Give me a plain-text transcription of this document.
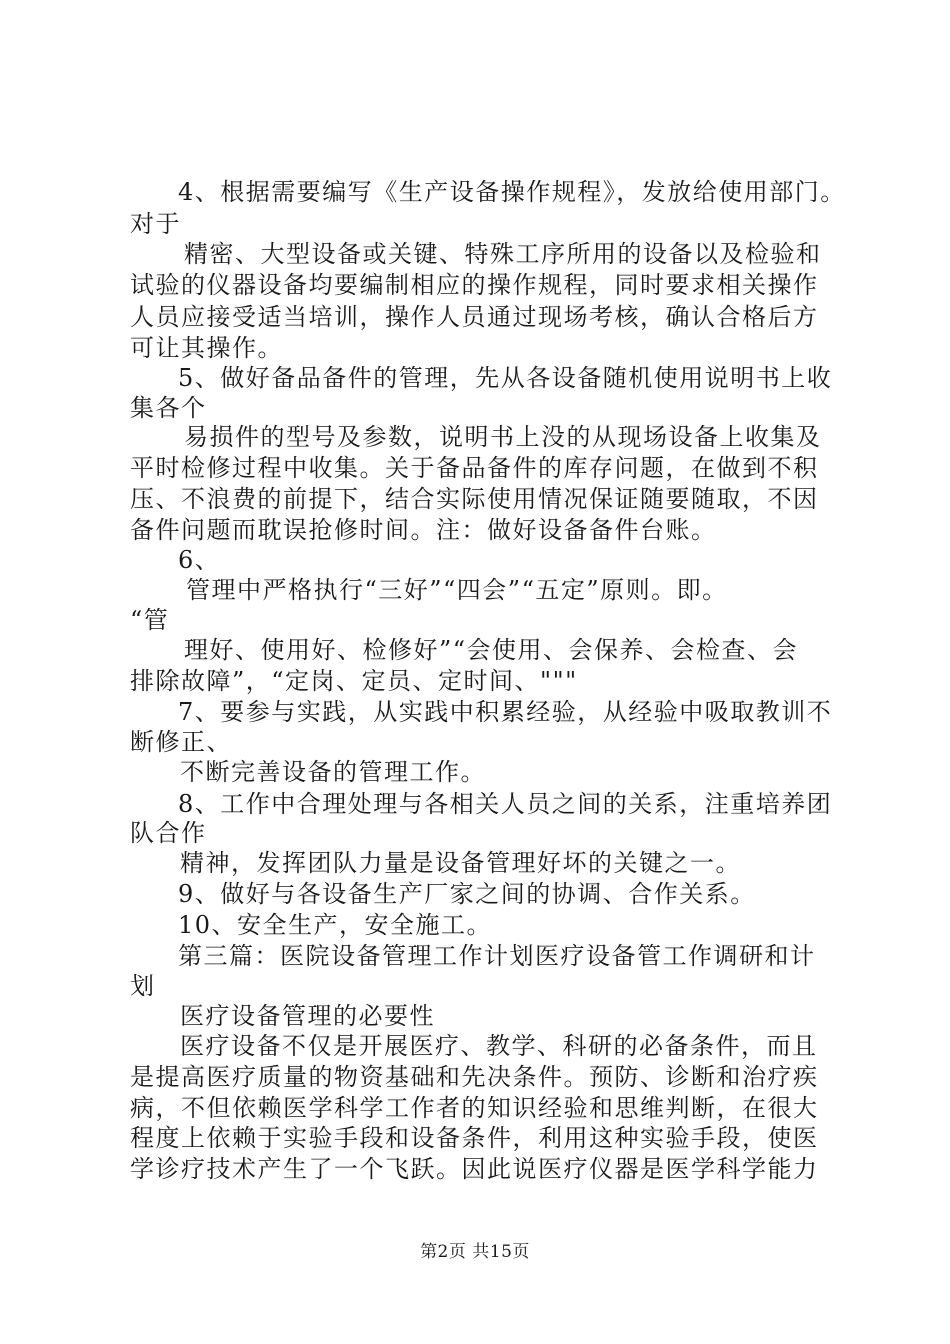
4、根据需要编写《生产设备操作规程》，发放给使用部门。
对于
精密、大型设备或关键、特殊工序所用的设备以及检验和
试验的仪器设备均要编制相应的操作规程，同时要求相关操作
人员应接受适当培训，操作人员通过现场考核，确认合格后方
可让其操作。
5、做好备品备件的管理，先从各设备随机使用说明书上收
集各个
易损件的型号及参数，说明书上没的从现场设备上收集及
平时检修过程中收集。关于备品备件的库存问题，在做到不积
压、不浪费的前提下，结合实际使用情况保证随要随取，不因
备件问题而耽误抢修时间。注：做好设备备件台账。
6、
管理中严格执行“三好”“四会”“五定”原则。即。
“管
理好、使用好、检修好”“会使用、会保养、会检查、会
排除故障”，“定岗、定员、定时间、"""
7、要参与实践，从实践中积累经验，从经验中吸取教训不
断修正、
不断完善设备的管理工作。
8、工作中合理处理与各相关人员之间的关系，注重培养团
队合作
精神，发挥团队力量是设备管理好坏的关键之一。
9、做好与各设备生产厂家之间的协调、合作关系。
10、安全生产，安全施工。
第三篇：医院设备管理工作计划医疗设备管工作调研和计
划
医疗设备管理的必要性
医疗设备不仅是开展医疗、教学、科研的必备条件，而且
是提高医疗质量的物资基础和先决条件。预防、诊断和治疗疾
病，不但依赖医学科学工作者的知识经验和思维判断，在很大
程度上依赖于实验手段和设备条件，利用这种实验手段，使医
学诊疗技术产生了一个飞跃。因此说医疗仪器是医学科学能力
第2页 共15页
